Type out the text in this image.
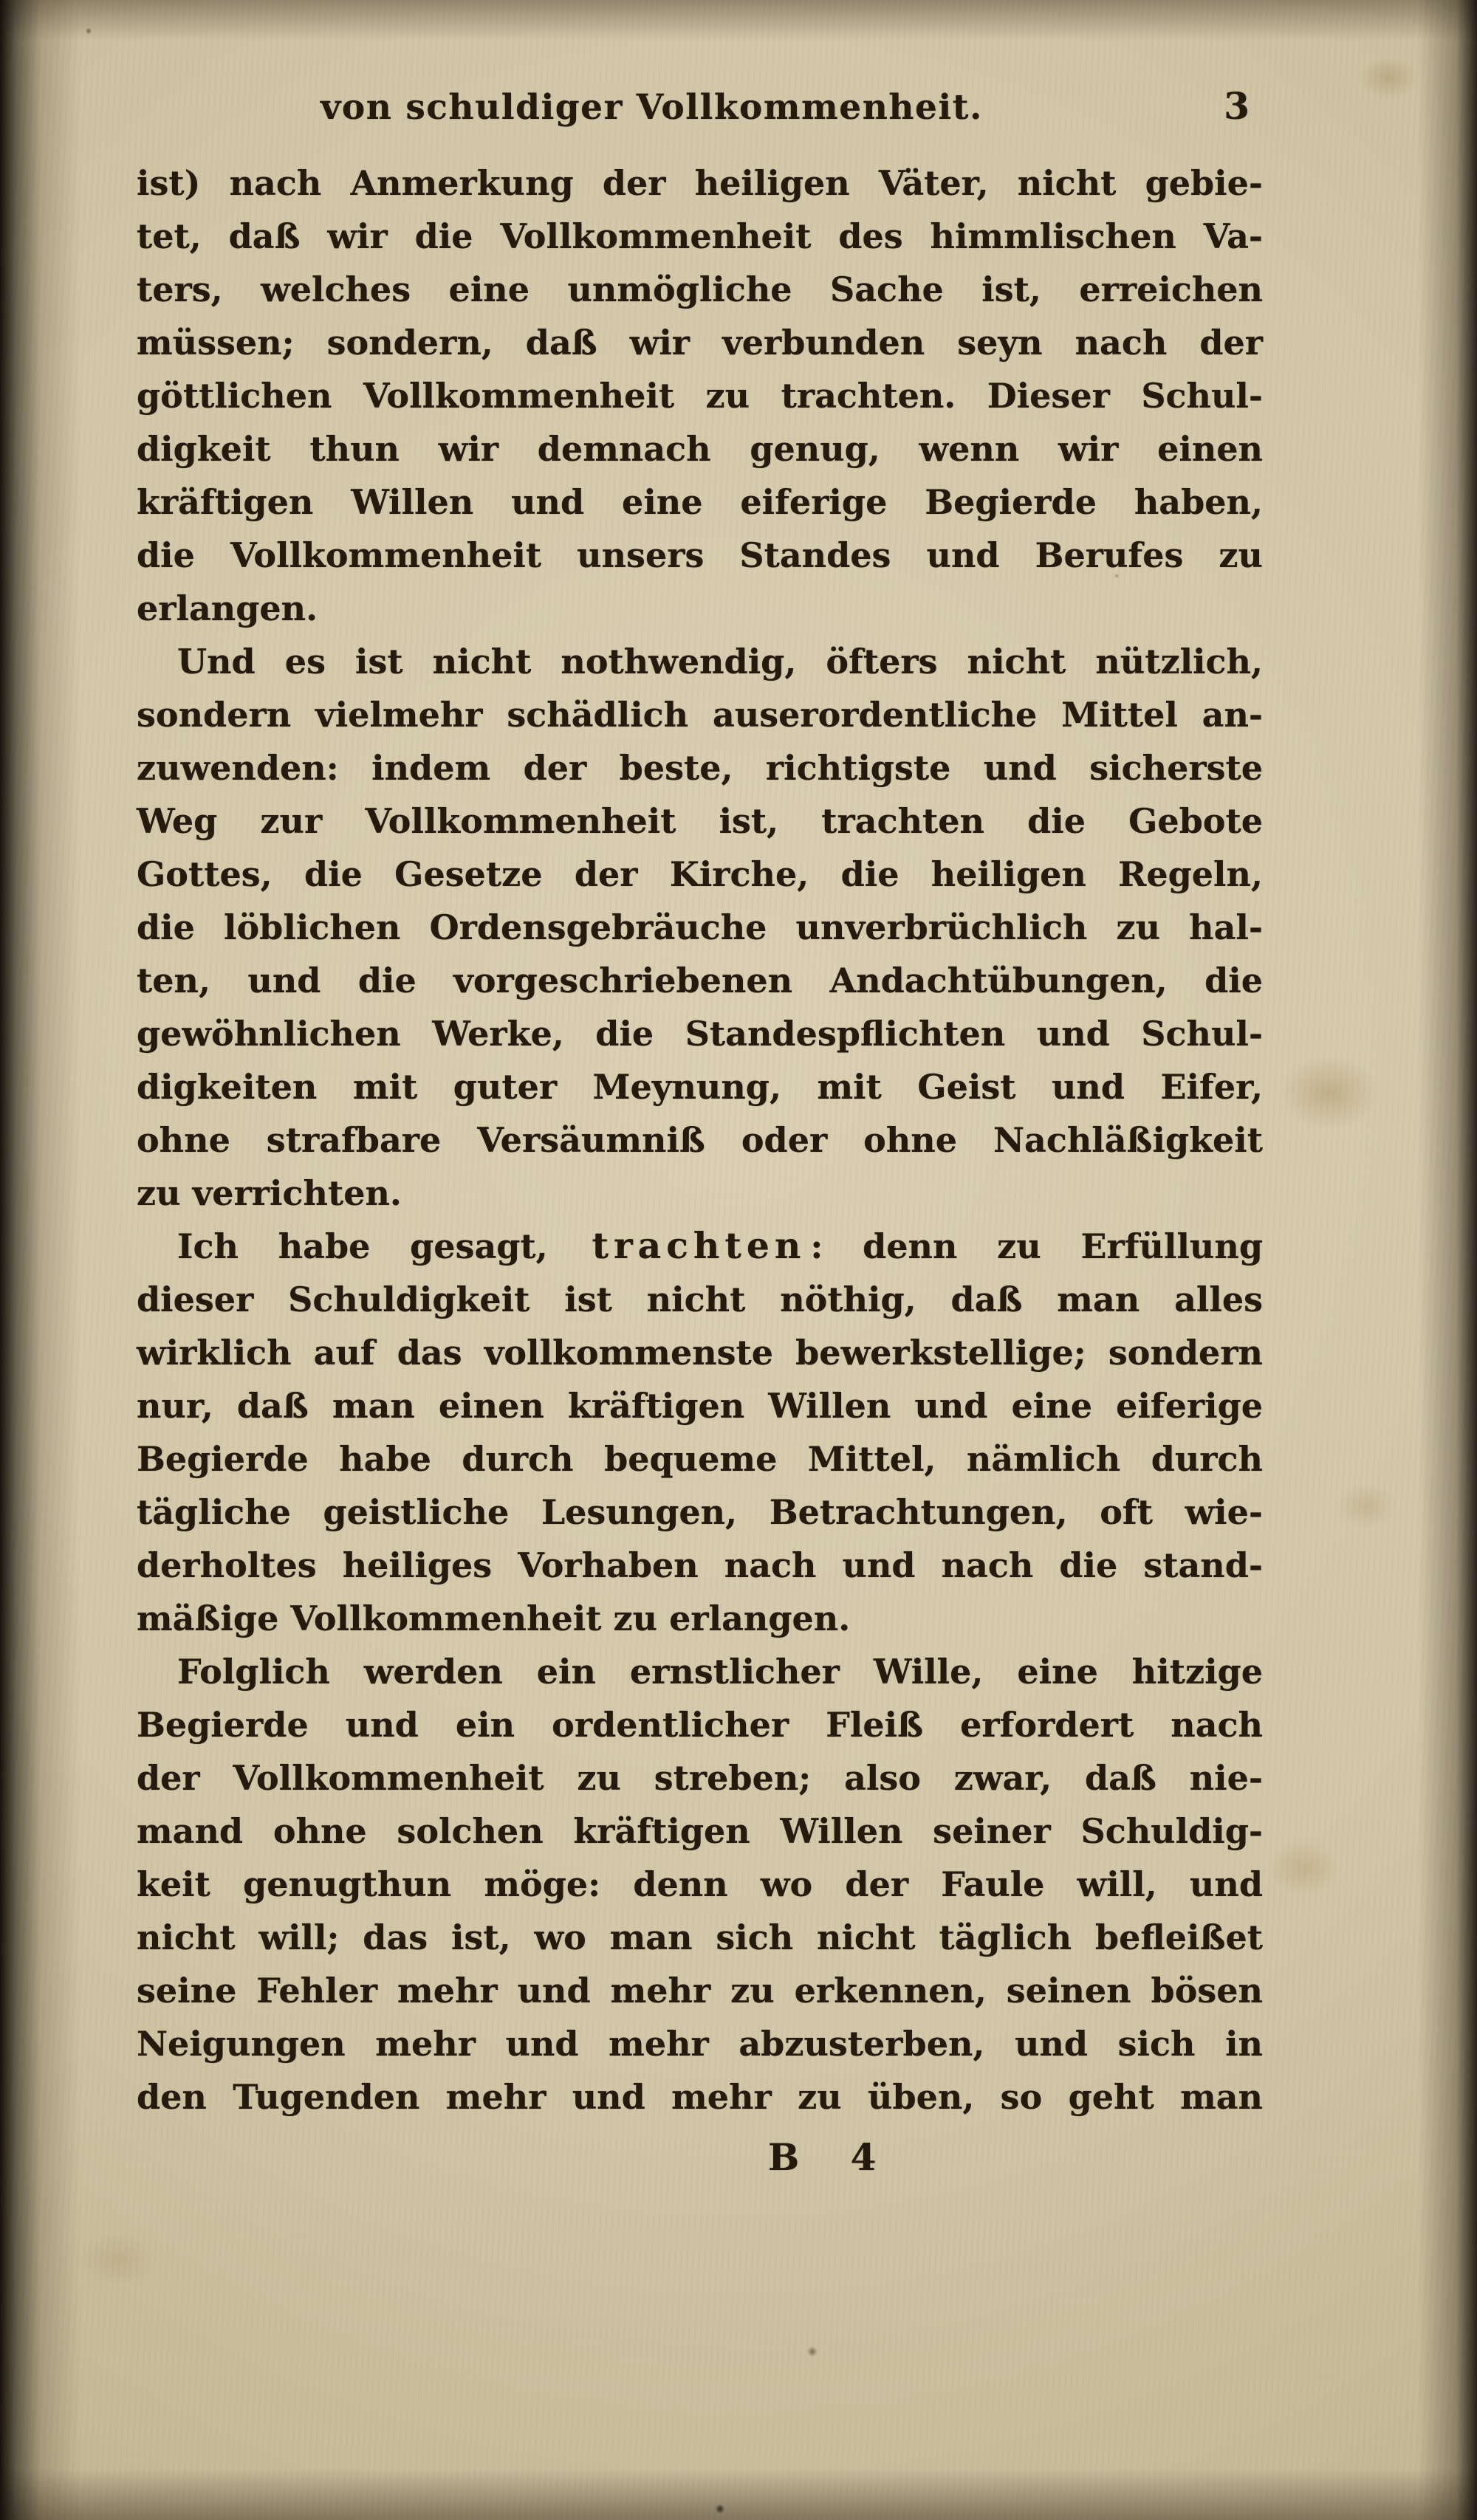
von schuldiger Vollkommenheit.	3

ist) nach Anmerkung der heiligen Väter, nicht gebie-
tet, daß wir die Vollkommenheit des himmlischen Va-
ters, welches eine unmögliche Sache ist, erreichen
müssen; sondern, daß wir verbunden seyn nach der
göttlichen Vollkommenheit zu trachten. Dieser Schul-
digkeit thun wir demnach genug, wenn wir einen
kräftigen Willen und eine eiferige Begierde haben,
die Vollkommenheit unsers Standes und Berufes zu
erlangen.

Und es ist nicht nothwendig, öfters nicht nützlich,
sondern vielmehr schädlich auserordentliche Mittel an-
zuwenden: indem der beste, richtigste und sicherste
Weg zur Vollkommenheit ist, trachten die Gebote
Gottes, die Gesetze der Kirche, die heiligen Regeln,
die löblichen Ordensgebräuche unverbrüchlich zu hal-
ten, und die vorgeschriebenen Andachtübungen, die
gewöhnlichen Werke, die Standespflichten und Schul-
digkeiten mit guter Meynung, mit Geist und Eifer,
ohne strafbare Versäumniß oder ohne Nachläßigkeit
zu verrichten.

Ich habe gesagt, trachten : denn zu Erfüllung
dieser Schuldigkeit ist nicht nöthig, daß man alles
wirklich auf das vollkommenste bewerkstellige; sondern
nur, daß man einen kräftigen Willen und eine eiferige
Begierde habe durch bequeme Mittel, nämlich durch
tägliche geistliche Lesungen, Betrachtungen, oft wie-
derholtes heiliges Vorhaben nach und nach die stand-
mäßige Vollkommenheit zu erlangen.

Folglich werden ein ernstlicher Wille, eine hitzige
Begierde und ein ordentlicher Fleiß erfordert nach
der Vollkommenheit zu streben; also zwar, daß nie-
mand ohne solchen kräftigen Willen seiner Schuldig-
keit genugthun möge: denn wo der Faule will, und
nicht will; das ist, wo man sich nicht täglich befleißet
seine Fehler mehr und mehr zu erkennen, seinen bösen
Neigungen mehr und mehr abzusterben, und sich in
den Tugenden mehr und mehr zu üben, so geht man

B 4
